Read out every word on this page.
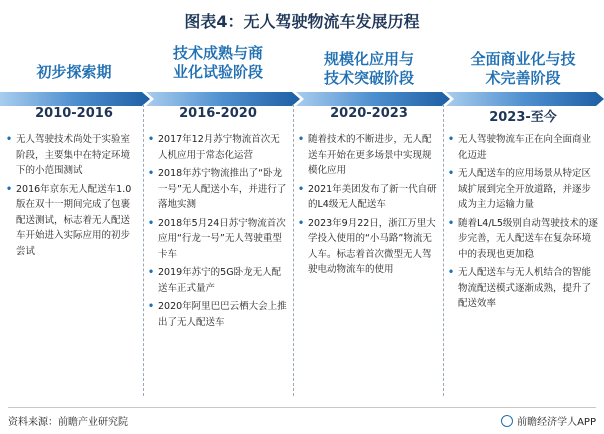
图表4：无人驾驶物流车发展历程
初步探索期
技术成熟与商
业化试验阶段
规模化应用与
技术突破阶段
全面商业化与技
术完善阶段
2010-2016	2016-2020	2020-2023	2023-至今
• 无人驾驶技术尚处于实验室阶段，主要集中在特定环境下的小范围测试
• 2016年京东无人配送车1.0版在双十一期间完成了包裹配送测试，标志着无人配送车开始进入实际应用的初步尝试
• 2017年12月苏宁物流首次无人机应用于常态化运营
• 2018年苏宁物流推出了“卧龙一号”无人配送小车，并进行了落地实测
• 2018年5月24日苏宁物流首次应用“行龙一号”无人驾驶重型卡车
• 2019年苏宁的5G卧龙无人配送车正式量产
• 2020年阿里巴巴云栖大会上推出了无人配送车
• 随着技术的不断进步，无人配送车开始在更多场景中实现规模化应用
• 2021年美团发布了新一代自研的L4级无人配送车
• 2023年9月22日，浙江万里大学投入使用的“小马路”物流无人车。标志着首次微型无人驾驶电动物流车的使用
• 无人驾驶物流车正在向全面商业化迈进
• 无人配送车的应用场景从特定区域扩展到完全开放道路，并逐步成为主力运输力量
• 随着L4/L5级别自动驾驶技术的逐步完善，无人配送车在复杂环境中的表现也更加稳
• 无人配送车与无人机结合的智能物流配送模式逐渐成熟，提升了配送效率
资料来源：前瞻产业研究院	前瞻经济学人APP
